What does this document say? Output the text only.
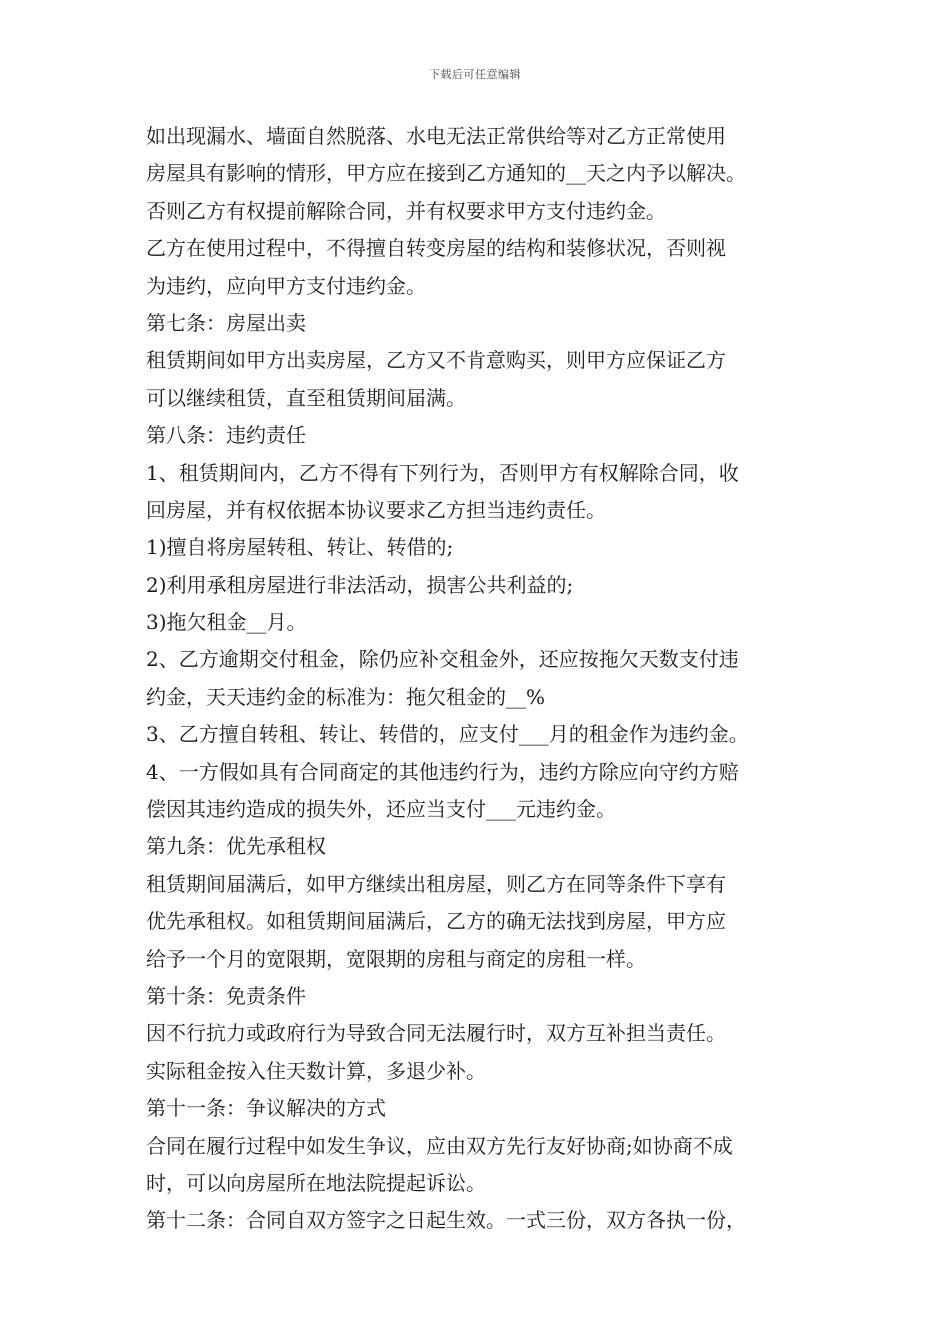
下载后可任意编辑
如出现漏水、墙面自然脱落、水电无法正常供给等对乙方正常使用
房屋具有影响的情形，甲方应在接到乙方通知的__天之内予以解决。
否则乙方有权提前解除合同，并有权要求甲方支付违约金。
乙方在使用过程中，不得擅自转变房屋的结构和装修状况，否则视
为违约，应向甲方支付违约金。
第七条：房屋出卖
租赁期间如甲方出卖房屋，乙方又不肯意购买，则甲方应保证乙方
可以继续租赁，直至租赁期间届满。
第八条：违约责任
1、租赁期间内，乙方不得有下列行为，否则甲方有权解除合同，收
回房屋，并有权依据本协议要求乙方担当违约责任。
1)擅自将房屋转租、转让、转借的;
2)利用承租房屋进行非法活动，损害公共利益的;
3)拖欠租金__月。
2、乙方逾期交付租金，除仍应补交租金外，还应按拖欠天数支付违
约金，天天违约金的标准为：拖欠租金的__%
3、乙方擅自转租、转让、转借的，应支付___月的租金作为违约金。
4、一方假如具有合同商定的其他违约行为，违约方除应向守约方赔
偿因其违约造成的损失外，还应当支付___元违约金。
第九条：优先承租权
租赁期间届满后，如甲方继续出租房屋，则乙方在同等条件下享有
优先承租权。如租赁期间届满后，乙方的确无法找到房屋，甲方应
给予一个月的宽限期，宽限期的房租与商定的房租一样。
第十条：免责条件
因不行抗力或政府行为导致合同无法履行时，双方互补担当责任。
实际租金按入住天数计算，多退少补。
第十一条：争议解决的方式
合同在履行过程中如发生争议，应由双方先行友好协商;如协商不成
时，可以向房屋所在地法院提起诉讼。
第十二条：合同自双方签字之日起生效。一式三份，双方各执一份，
